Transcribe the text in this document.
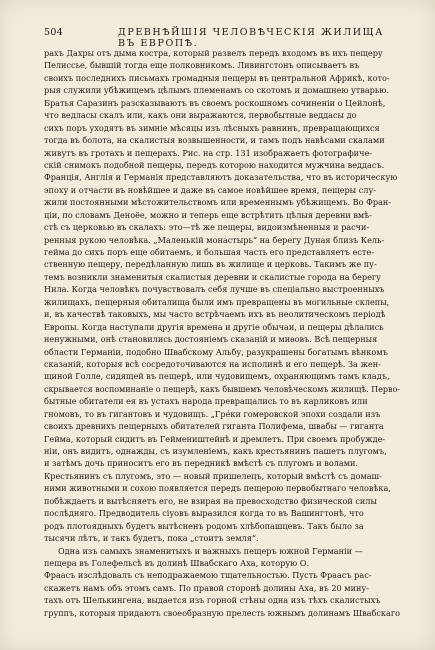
504	ДРЕВНѢЙШІЯ ЧЕЛОВѢЧЕСКІЯ ЖИЛИЩА ВЪ ЕВРОПѢ.
рахъ Дахры отъ дыма костра, который развелъ передъ входомъ въ ихъ пещеру
Пелиссье, бывшій тогда еще полковникомъ. Ливингстонъ описываетъ въ
своихъ последнихъ письмахъ громадныя пещеры въ центральной Африкѣ, кото-
рыя служили убѣжищемъ цѣлымъ племенамъ со скотомъ и домашнею утварью.
Братья Саразинъ разсказываютъ въ своемъ роскошномъ сочиненіи о Цейлонѣ,
что ведласы скалъ или, какъ они выражаются, первобытные веддасы до
сихъ поръ уходятъ въ зимніе мѣсяцы изъ лѣсныхъ равнинъ, превращающихся
тогда въ болота, на скалистыя возвышенности, и тамъ подъ навѣсами скалами
живутъ въ гротахъ и пещерахъ. Рис. на стр. 131 изображаетъ фотографиче-
скій снимокъ подобной пещеры, передъ которою находится мужчина веддасъ.
Франція, Англія и Германія представляютъ доказательства, что въ историческую
эпоху и отчасти въ новѣйшее и даже въ самое новѣйшее время, пещеры слу-
жили постоянными мѣстожительствомъ или временнымъ убѣжищемъ. Во Фран-
ціи, по словамъ Деноёе, можно и теперь еще встрѣтить цѣлыя деревни вмѣ-
стѣ съ церковью въ скалахъ: это—тѣ же пещеры, видоизмѣненныя и раcчи-
ренныя рукою человѣка. „Маленькій монастырь“ на берегу Дуная близъ Кель-
гейма до сихъ поръ еще обитаемъ, и большая часть его представляетъ есте-
ственную пещеру, передѣланную лишь въ жилище и церковь. Такимъ же пу-
темъ возникли знаменитыя скалистыя деревни и скалистые города на берегу
Нила. Когда человѣкъ почувствовалъ себя лучше въ спеціально выстроенныхъ
жилищахъ, пещерныя обиталища были имъ превращены въ могильные склепы,
и, въ качествѣ таковыхъ, мы часто встрѣчаемъ ихъ въ неолитическомъ періодѣ
Европы. Когда наступали другія времена и другіе обычаи, и пещеры дѣлались
ненужными, онѣ становились достояніемъ сказаній и миѳовъ. Всѣ пещерныя
области Германіи, подобно Швабскому Альбу, разукрашены богатымъ вѣнкомъ
сказаній, которыя всѣ сосредоточиваются на исполинѣ и его пещерѣ. За жен-
щиной Голле, сидящей въ пещерѣ, или чудовищемъ, охраняющимъ тамъ кладъ,
скрывается воспоминаніе о пещерѣ, какъ бывшемъ человѣческомъ жилищѣ. Перво-
бытные обитатели ея въ устахъ народа превращались то въ карликовъ или
гномовъ, то въ гигантовъ и чудовищъ. „Грéки гомеровской эпохи создали изъ
своихъ древнихъ пещерныхъ обитателей гиганта Полифема, швабы — гиганта
Гейма, который сидитъ въ Геймеништейнѣ и дремлетъ. При своемъ пробужде-
ніи, онъ видитъ, однажды, съ изумленіемъ, какъ крестьянинъ пашетъ плугомъ,
и затѣмъ дочь приноситъ его въ передникѣ вмѣстѣ съ плугомъ и волами.
Крестьянинъ съ плугомъ, это — новый пришелецъ, который вмѣстѣ съ домаш-
ними животными и сохою появляется передъ пещерою первобытнаго человѣка,
побѣждаетъ и вытѣсняетъ его, не взирая на превосходство физической силы
послѣдняго. Предводитель сіуовъ выразился когда то въ Вашингтонѣ, что
родъ плотоядныхъ будетъ вытѣсненъ родомъ хлѣбопашцевъ. Такъ было за
тысячи лѣтъ, и такъ будетъ, пока „стоитъ земля“.
Одна изъ самыхъ знаменитыхъ и важныхъ пещеръ южной Германіи —
пещера въ Голефельсѣ въ долинѣ Швабскаго Аха, которую О.
Фраасъ изслѣдовалъ съ неподражаемою тщательностью. Пусть Фраасъ рас-
скажетъ намъ объ этомъ самъ. По правой сторонѣ долины Аха, въ 20 мину-
тахъ отъ Шелькингена, выдается изъ горной стѣны одна изъ тѣхъ скалистыхъ
группъ, которыя придаютъ своеобразную прелесть южнымъ долинамъ Швабскаго
